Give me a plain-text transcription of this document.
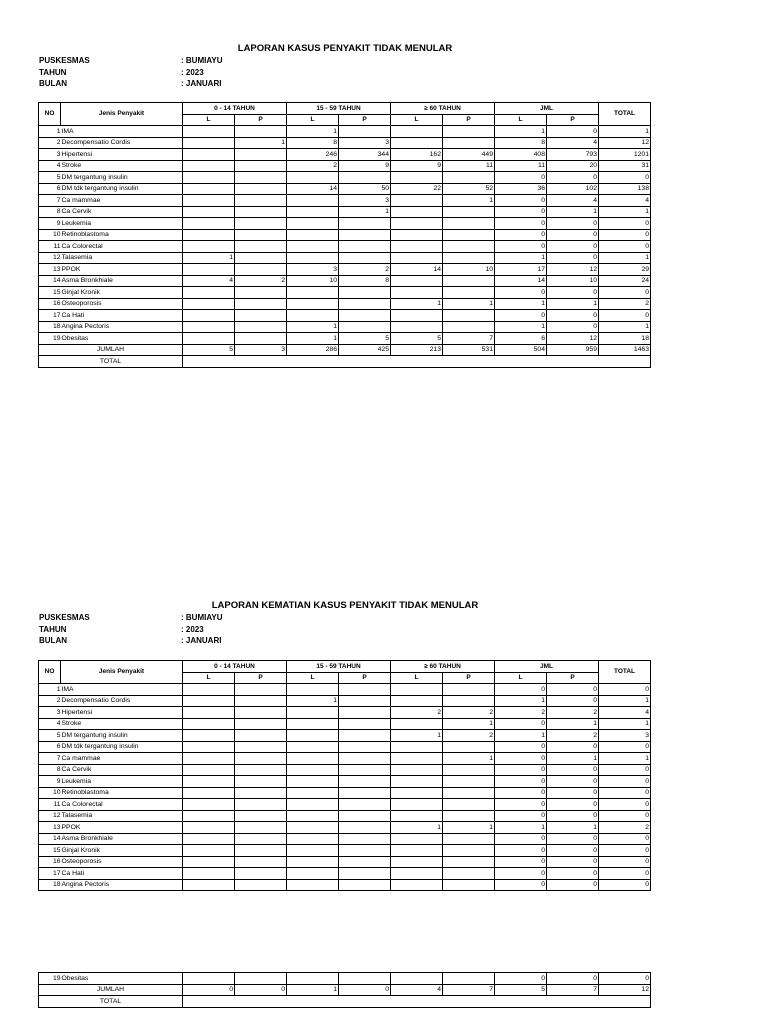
LAPORAN KASUS PENYAKIT TIDAK MENULAR
PUSKESMAS	: BUMIAYU
TAHUN	: 2023
BULAN	: JANUARI
NO	Jenis Penyakit	0 - 14 TAHUN		15 - 59 TAHUN		≥ 60 TAHUN		JML		TOTAL
		L	P	L	P	L	P	L	P	
1	IMA			1				1	0	1
2	Decompensatio Cordis		1	8	3			8	4	12
3	Hipertensi			246	344	162	449	408	793	1201
4	Stroke			2	9	9	11	11	20	31
5	DM tergantung insulin							0	0	0
6	DM tdk tergantung insulin			14	50	22	52	36	102	138
7	Ca mammae				3		1	0	4	4
8	Ca Cervik				1			0	1	1
9	Leukemia							0	0	0
10	Retinoblastoma							0	0	0
11	Ca Colorectal							0	0	0
12	Talasemia	1						1	0	1
13	PPOK			3	2	14	10	17	12	29
14	Asma Bronkhiale	4	2	10	8			14	10	24
15	Ginjal Kronik							0	0	0
16	Osteoporosis					1	1	1	1	2
17	Ca Hati							0	0	0
18	Angina Pectoris			1				1	0	1
19	Obesitas			1	5	5	7	6	12	18
JUMLAH		5	3	286	425	213	531	504	959	1463
TOTAL										
LAPORAN KEMATIAN KASUS PENYAKIT TIDAK MENULAR
PUSKESMAS	: BUMIAYU
TAHUN	: 2023
BULAN	: JANUARI
NO	Jenis Penyakit	0 - 14 TAHUN		15 - 59 TAHUN		≥ 60 TAHUN		JML		TOTAL
		L	P	L	P	L	P	L	P	
1	IMA							0	0	0
2	Decompensatio Cordis			1				1	0	1
3	Hipertensi					2	2	2	2	4
4	Stroke						1	0	1	1
5	DM tergantung insulin					1	2	1	2	3
6	DM tdk tergantung insulin							0	0	0
7	Ca mammae						1	0	1	1
8	Ca Cervik							0	0	0
9	Leukemia							0	0	0
10	Retinoblastoma							0	0	0
11	Ca Colorectal							0	0	0
12	Talasemia							0	0	0
13	PPOK					1	1	1	1	2
14	Asma Bronkhiale							0	0	0
15	Ginjal Kronik							0	0	0
16	Osteoporosis							0	0	0
17	Ca Hati							0	0	0
18	Angina Pectoris							0	0	0
19	Obesitas							0	0	0
JUMLAH		0	0	1	0	4	7	5	7	12
TOTAL										
